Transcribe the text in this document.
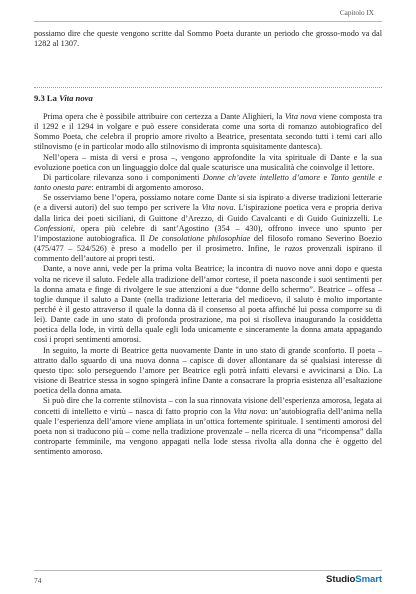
Capitolo IX

possiamo dire che queste vengono scritte dal Sommo Poeta durante un periodo che grosso-modo va dal 1282 al 1307.

9.3 La Vita nova

Prima opera che è possibile attribuire con certezza a Dante Alighieri, la Vita nova viene composta tra il 1292 e il 1294 in volgare e può essere considerata come una sorta di romanzo autobiografico del Sommo Poeta, che celebra il proprio amore rivolto a Beatrice, presentata secondo tutti i temi cari allo stilnovismo (e in particolar modo allo stilnovismo di impronta squisitamente dantesca).

Nell’opera – mista di versi e prosa –, vengono approfondite la vita spirituale di Dante e la sua evoluzione poetica con un linguaggio dolce dal quale scaturisce una musicalità che coinvolge il lettore.

Di particolare rilevanza sono i componimenti Donne ch’avete intelletto d’amore e Tanto gentile e tanto onesta pare: entrambi di argomento amoroso.

Se osserviamo bene l’opera, possiamo notare come Dante si sia ispirato a diverse tradizioni letterarie (e a diversi autori) del suo tempo per scrivere la Vita nova. L’ispirazione poetica vera e propria deriva dalla lirica dei poeti siciliani, di Guittone d’Arezzo, di Guido Cavalcanti e di Guido Guinizzelli. Le Confessioni, opera più celebre di sant’Agostino (354 – 430), offrono invece uno spunto per l’impostazione autobiografica. Il De consolatione philosophiae del filosofo romano Severino Boezio (475/477 – 524/526) è preso a modello per il prosimetro. Infine, le razos provenzali ispirano il commento dell’autore ai propri testi.

Dante, a nove anni, vede per la prima volta Beatrice; la incontra di nuovo nove anni dopo e questa volta ne riceve il saluto. Fedele alla tradizione dell’amor cortese, il poeta nasconde i suoi sentimenti per la donna amata e finge di rivolgere le sue attenzioni a due “donne dello schermo”. Beatrice – offesa – toglie dunque il saluto a Dante (nella tradizione letteraria del medioevo, il saluto è molto importante perché è il gesto attraverso il quale la donna dà il consenso al poeta affinché lui possa comporre su di lei). Dante cade in uno stato di profonda prostrazione, ma poi si risolleva inaugurando la cosiddetta poetica della lode, in virtù della quale egli loda unicamente e sinceramente la donna amata appagando così i propri sentimenti amorosi.

In seguito, la morte di Beatrice getta nuovamente Dante in uno stato di grande sconforto. Il poeta – attratto dallo sguardo di una nuova donna – capisce di dover allontanare da sé qualsiasi interesse di questo tipo: solo perseguendo l’amore per Beatrice egli potrà infatti elevarsi e avvicinarsi a Dio. La visione di Beatrice stessa in sogno spingerà infine Dante a consacrare la propria esistenza all’esaltazione poetica della donna amata.

Si può dire che la corrente stilnovista – con la sua rinnovata visione dell’esperienza amorosa, legata ai concetti di intelletto e virtù – nasca di fatto proprio con la Vita nova: un’autobiografia dell’anima nella quale l’esperienza dell’amore viene ampliata in un’ottica fortemente spirituale. I sentimenti amorosi del poeta non si traducono più – come nella tradizione provenzale – nella ricerca di una “ricompensa” dalla controparte femminile, ma vengono appagati nella lode stessa rivolta alla donna che è oggetto del sentimento amoroso.

74	StudioSmart
